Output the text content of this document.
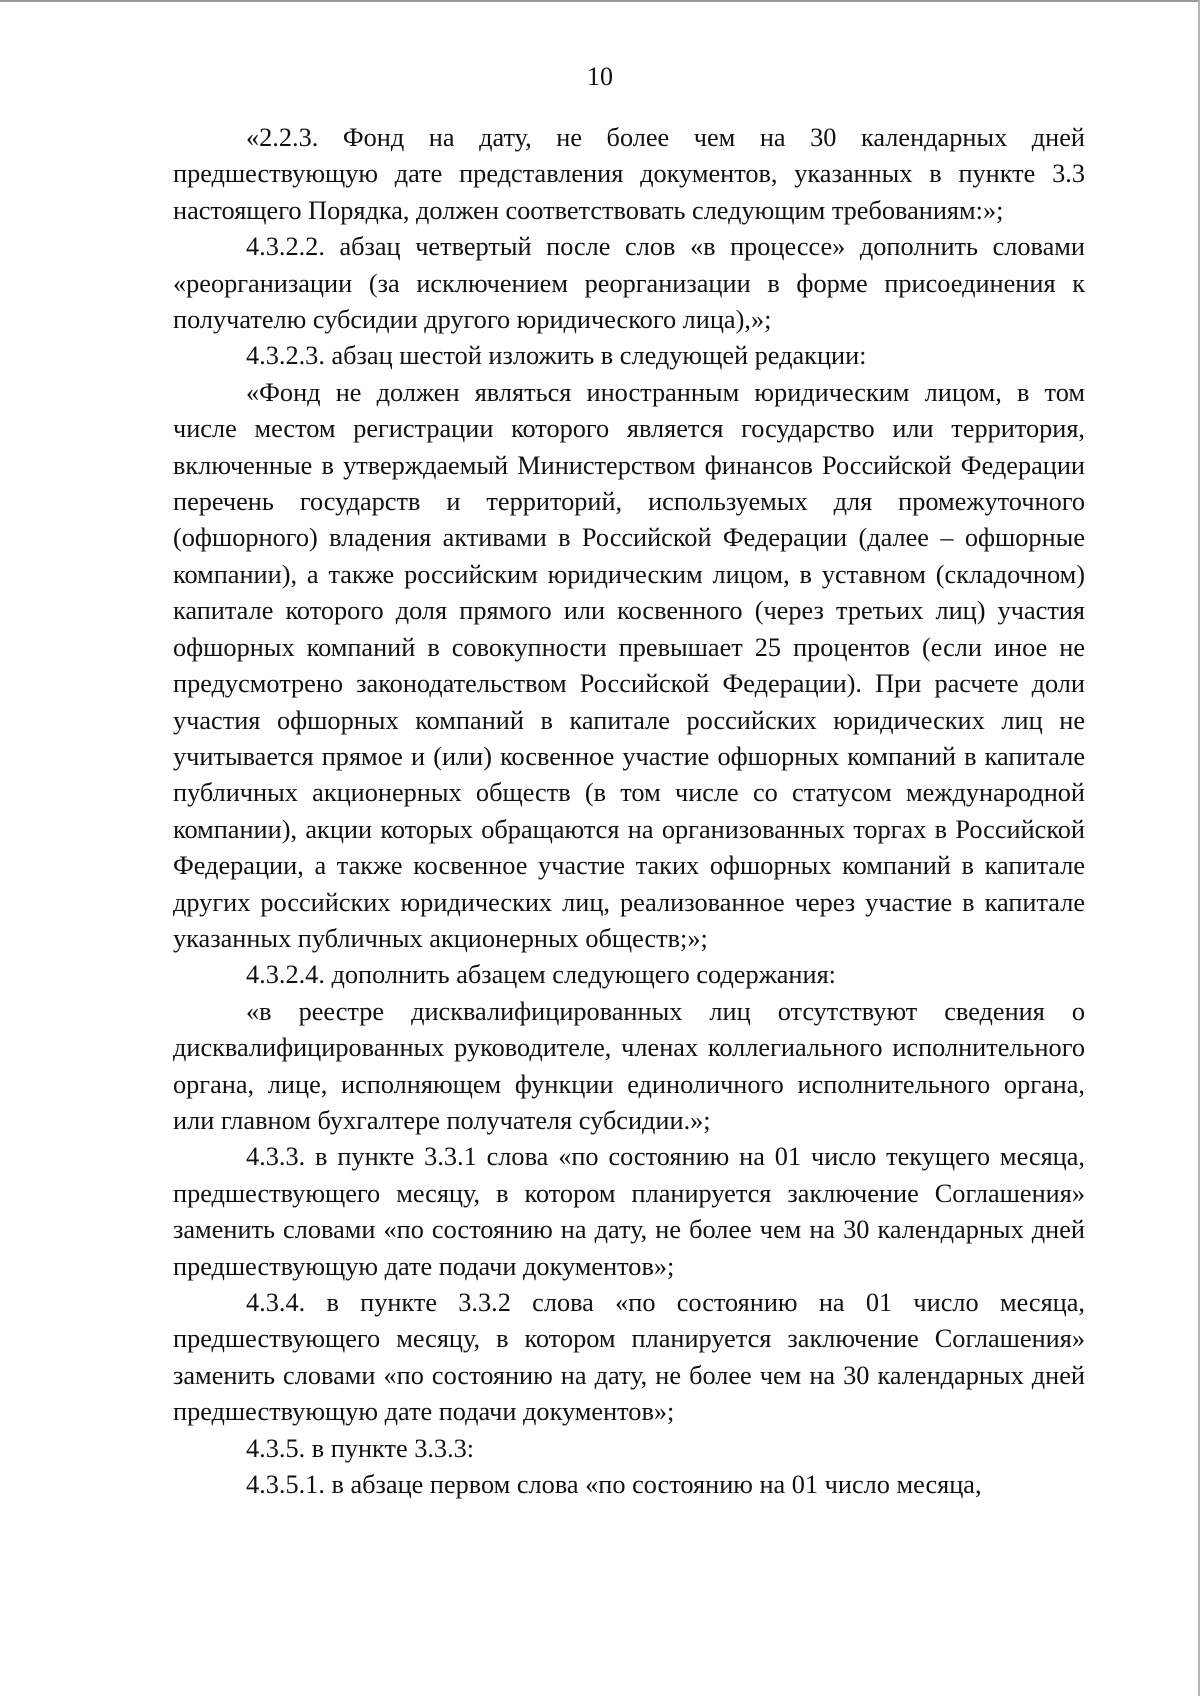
10

«2.2.3. Фонд на дату, не более чем на 30 календарных дней предшествующую дате представления документов, указанных в пункте 3.3 настоящего Порядка, должен соответствовать следующим требованиям:»;

4.3.2.2. абзац четвертый после слов «в процессе» дополнить словами «реорганизации (за исключением реорганизации в форме присоединения к получателю субсидии другого юридического лица),»;

4.3.2.3. абзац шестой изложить в следующей редакции:

«Фонд не должен являться иностранным юридическим лицом, в том числе местом регистрации которого является государство или территория, включенные в утверждаемый Министерством финансов Российской Федерации перечень государств и территорий, используемых для промежуточного (офшорного) владения активами в Российской Федерации (далее – офшорные компании), а также российским юридическим лицом, в уставном (складочном) капитале которого доля прямого или косвенного (через третьих лиц) участия офшорных компаний в совокупности превышает 25 процентов (если иное не предусмотрено законодательством Российской Федерации). При расчете доли участия офшорных компаний в капитале российских юридических лиц не учитывается прямое и (или) косвенное участие офшорных компаний в капитале публичных акционерных обществ (в том числе со статусом международной компании), акции которых обращаются на организованных торгах в Российской Федерации, а также косвенное участие таких офшорных компаний в капитале других российских юридических лиц, реализованное через участие в капитале указанных публичных акционерных обществ;»;

4.3.2.4. дополнить абзацем следующего содержания:

«в реестре дисквалифицированных лиц отсутствуют сведения о дисквалифицированных руководителе, членах коллегиального исполнительного органа, лице, исполняющем функции единоличного исполнительного органа, или главном бухгалтере получателя субсидии.»;

4.3.3. в пункте 3.3.1 слова «по состоянию на 01 число текущего месяца, предшествующего месяцу, в котором планируется заключение Соглашения» заменить словами «по состоянию на дату, не более чем на 30 календарных дней предшествующую дате подачи документов»;

4.3.4. в пункте 3.3.2 слова «по состоянию на 01 число месяца, предшествующего месяцу, в котором планируется заключение Соглашения» заменить словами «по состоянию на дату, не более чем на 30 календарных дней предшествующую дате подачи документов»;

4.3.5. в пункте 3.3.3:

4.3.5.1. в абзаце первом слова «по состоянию на 01 число месяца,
